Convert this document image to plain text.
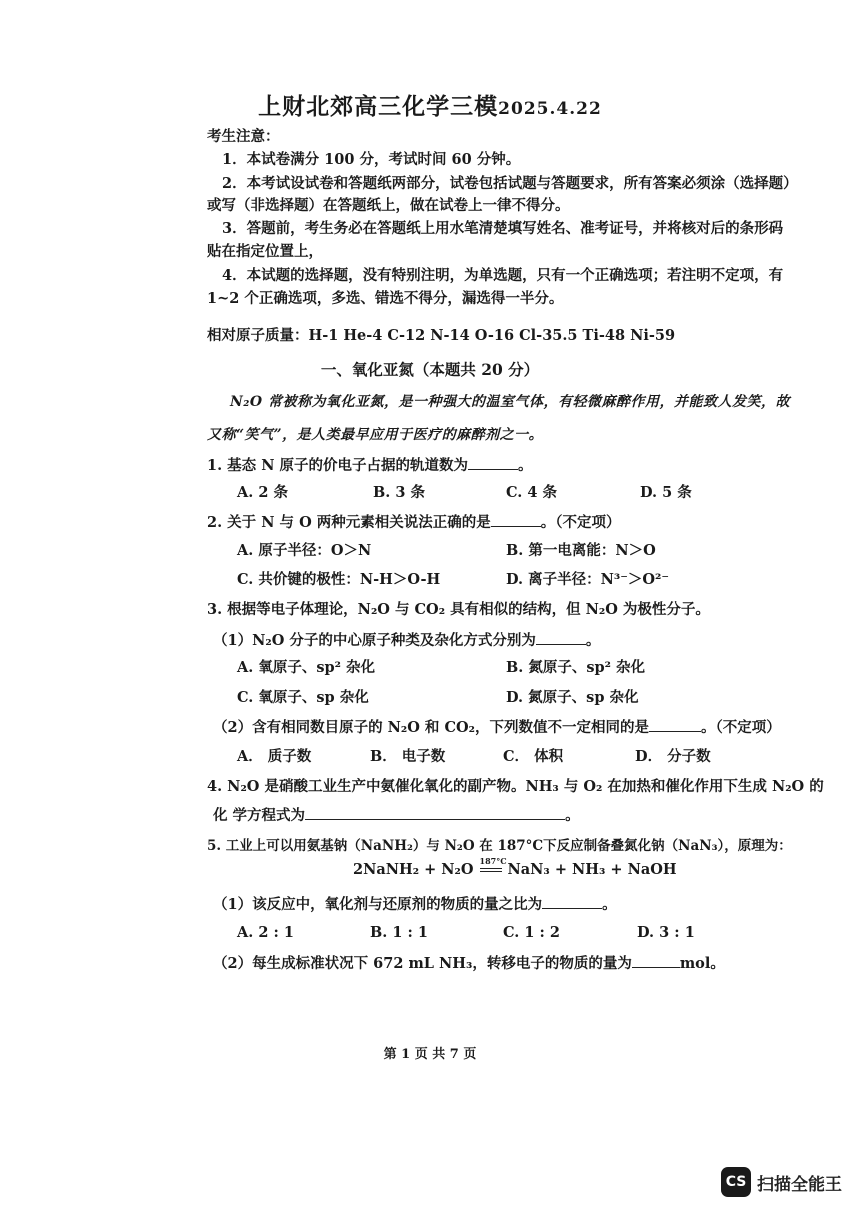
上财北郊高三化学三模2025.4.22
考生注意：
1．本试卷满分 100 分，考试时间 60 分钟。
2．本考试设试卷和答题纸两部分，试卷包括试题与答题要求，所有答案必须涂（选择题）
或写（非选择题）在答题纸上，做在试卷上一律不得分。
3．答题前，考生务必在答题纸上用水笔清楚填写姓名、准考证号，并将核对后的条形码
贴在指定位置上，
4．本试题的选择题，没有特别注明，为单选题，只有一个正确选项；若注明不定项，有
1~2 个正确选项，多选、错选不得分，漏选得一半分。
相对原子质量：H-1 He-4 C-12 N-14 O-16 Cl-35.5 Ti-48 Ni-59
一、氧化亚氮（本题共 20 分）
N₂O 常被称为氧化亚氮，是一种强大的温室气体，有轻微麻醉作用，并能致人发笑，故
又称“笑气”，是人类最早应用于医疗的麻醉剂之一。
1. 基态 N 原子的价电子占据的轨道数为	。
A. 2 条	B. 3 条	C. 4 条	D. 5 条
2. 关于 N 与 O 两种元素相关说法正确的是	。（不定项）
A. 原子半径：O＞N	B. 第一电离能：N＞O
C. 共价键的极性：N-H＞O-H	D. 离子半径：N³⁻＞O²⁻
3. 根据等电子体理论，N₂O 与 CO₂ 具有相似的结构，但 N₂O 为极性分子。
（1）N₂O 分子的中心原子种类及杂化方式分别为	。
A. 氧原子、sp² 杂化	B. 氮原子、sp² 杂化
C. 氧原子、sp 杂化	D. 氮原子、sp 杂化
（2）含有相同数目原子的 N₂O 和 CO₂，下列数值不一定相同的是	。（不定项）
A． 质子数	B． 电子数	C． 体积	D． 分子数
4. N₂O 是硝酸工业生产中氨催化氧化的副产物。NH₃ 与 O₂ 在加热和催化作用下生成 N₂O 的
化 学方程式为	。
5. 工业上可以用氨基钠（NaNH₂）与 N₂O 在 187°C下反应制备叠氮化钠（NaN₃），原理为：
2NaNH₂ + N₂O 187°C NaN₃ + NH₃ + NaOH
（1）该反应中，氧化剂与还原剂的物质的量之比为	。
A. 2 : 1	B. 1 : 1	C. 1 : 2	D. 3 : 1
（2）每生成标准状况下 672 mL NH₃，转移电子的物质的量为	mol。
第 1 页 共 7 页
CS 扫描全能王
